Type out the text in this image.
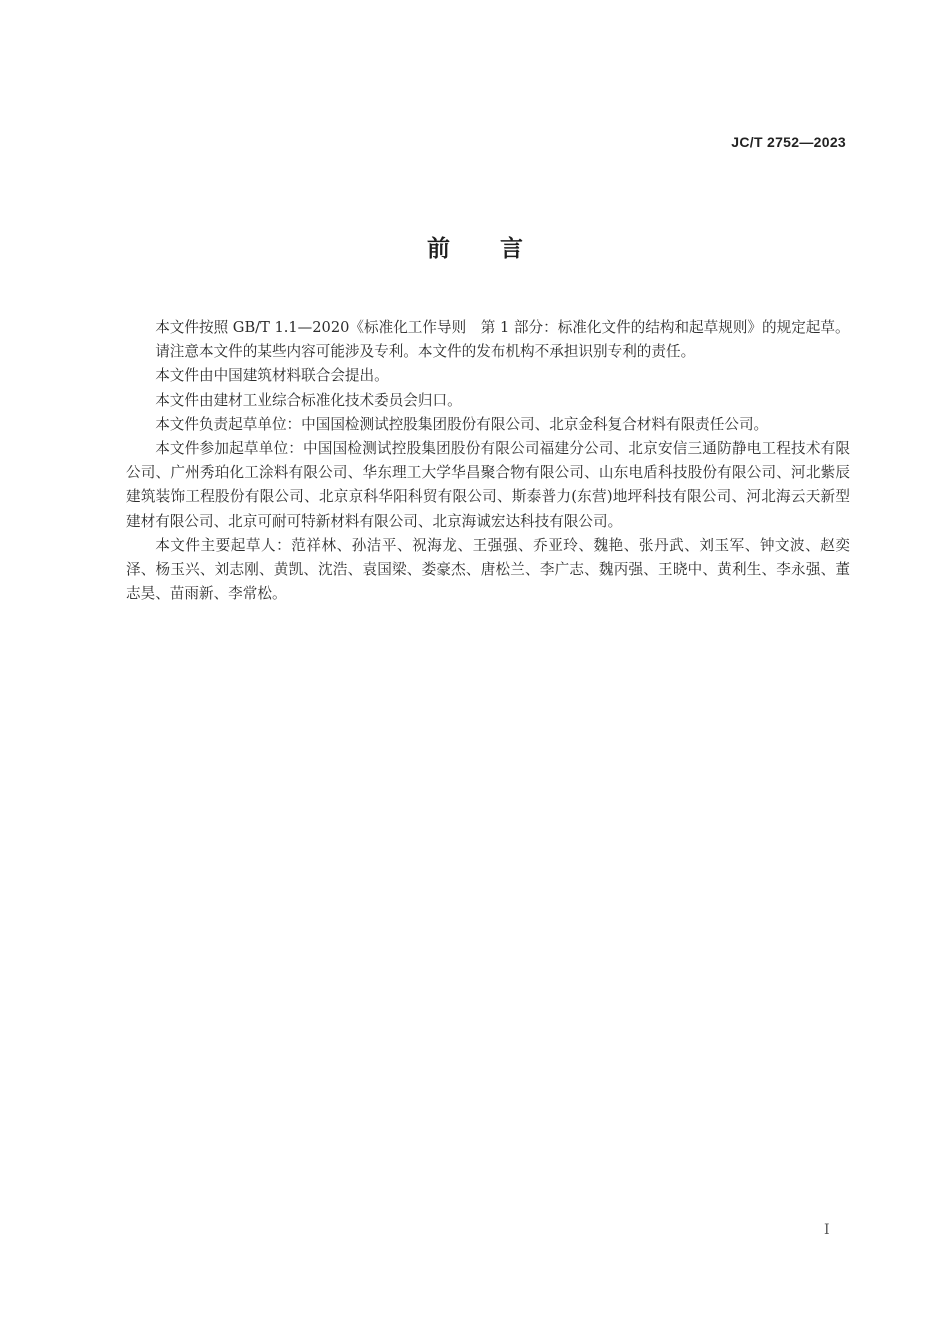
JC/T 2752—2023
前言

本文件按照 GB/T 1.1—2020《标准化工作导则　第 1 部分：标准化文件的结构和起草规则》的规定起草。

请注意本文件的某些内容可能涉及专利。本文件的发布机构不承担识别专利的责任。

本文件由中国建筑材料联合会提出。

本文件由建材工业综合标准化技术委员会归口。

本文件负责起草单位：中国国检测试控股集团股份有限公司、北京金科复合材料有限责任公司。

本文件参加起草单位：中国国检测试控股集团股份有限公司福建分公司、北京安信三通防静电工程技术有限公司、广州秀珀化工涂料有限公司、华东理工大学华昌聚合物有限公司、山东电盾科技股份有限公司、河北紫辰建筑装饰工程股份有限公司、北京京科华阳科贸有限公司、斯泰普力(东营)地坪科技有限公司、河北海云天新型建材有限公司、北京可耐可特新材料有限公司、北京海诚宏达科技有限公司。

本文件主要起草人：范祥林、孙洁平、祝海龙、王强强、乔亚玲、魏艳、张丹武、刘玉军、钟文波、赵奕泽、杨玉兴、刘志刚、黄凯、沈浩、袁国梁、娄豪杰、唐松兰、李广志、魏丙强、王晓中、黄利生、李永强、董志昊、苗雨新、李常松。

I
